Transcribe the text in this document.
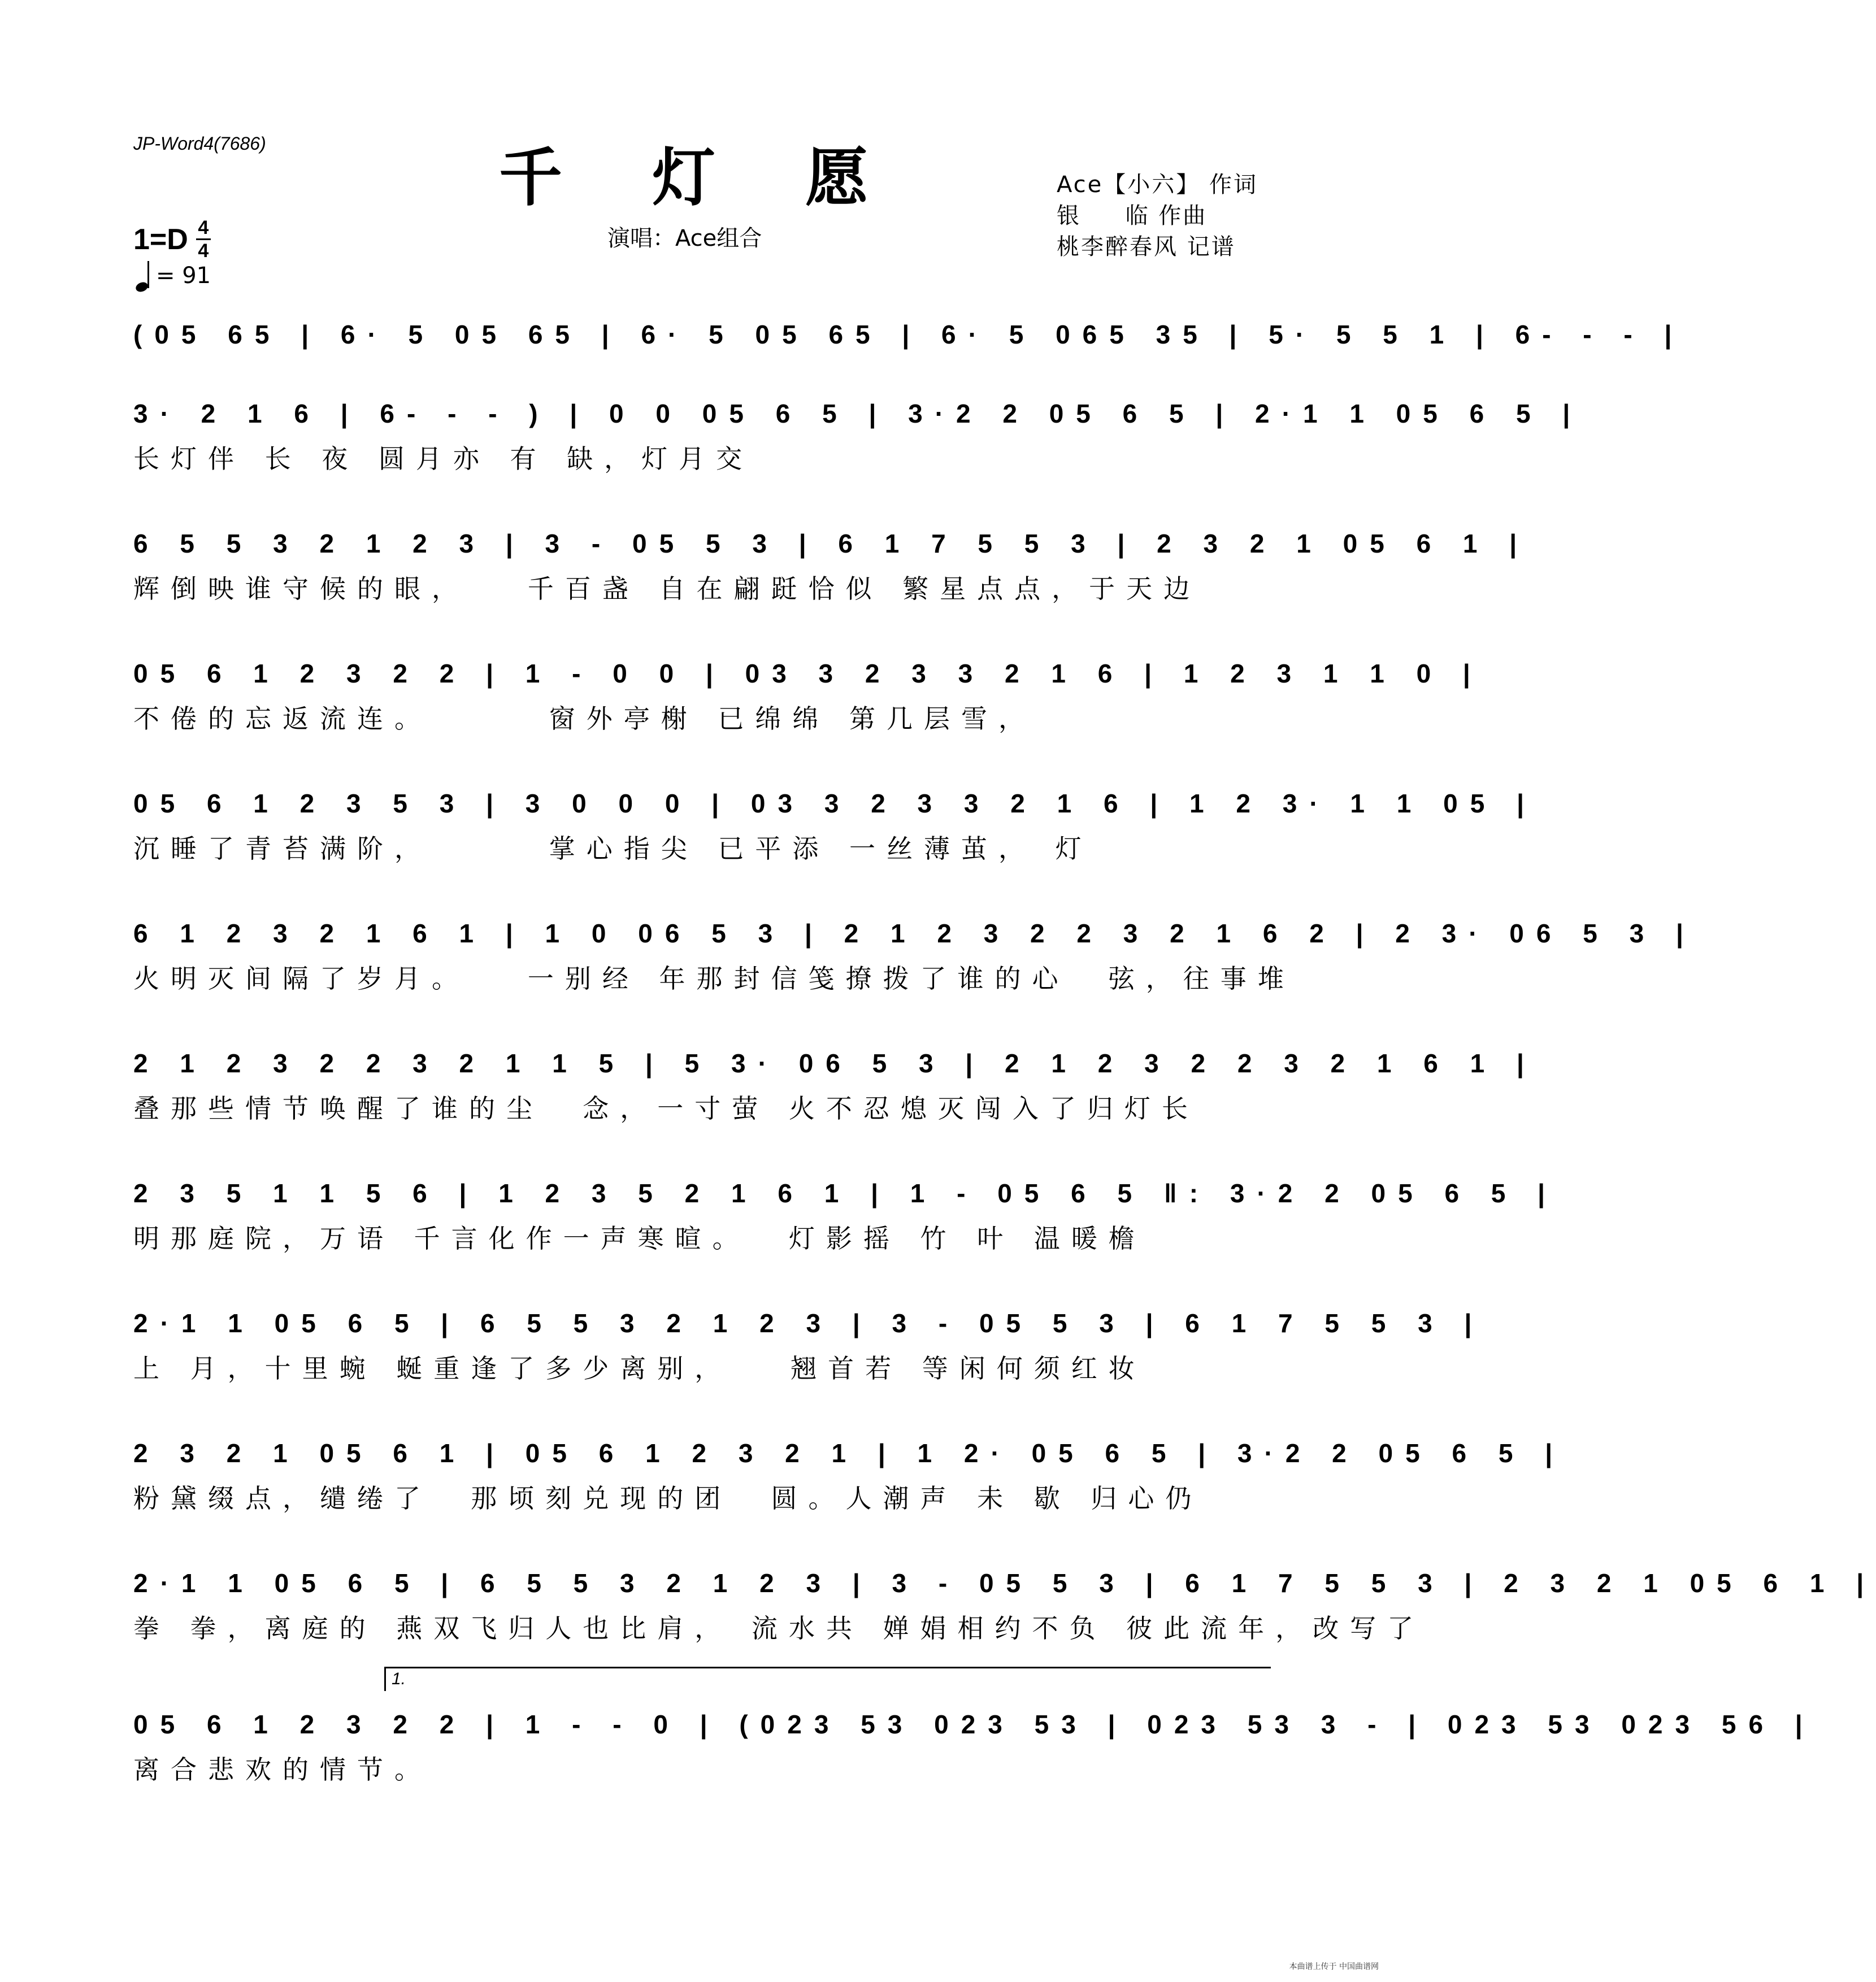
JP-Word4(7686)	千 灯 愿
演唱：Ace组合
Ace【小六】 作词
银     临 作曲
桃李醉春风 记谱
1=D 4
4
= 91
(05 65 | 6· 5 05 65 | 6· 5 05 65 | 6· 5 065 35 | 5· 5 5 1 | 6- - - |
3· 2 1 6 | 6- - - ) | 0 0 05 6 5 | 3·2 2 05 6 5 | 2·1 1 05 6 5 |
长灯伴 长 夜 圆月亦 有 缺，灯月交
6 5 5 3 2 1 2 3 | 3 - 05 5 3 | 6 1 7 5 5 3 | 2 3 2 1 05 6 1 |
辉倒映谁守候的眼，   千百盏 自在翩跹恰似 繁星点点，于天边
05 6 1 2 3 2 2 | 1 - 0 0 | 03 3 2 3 3 2 1 6 | 1 2 3 1 1 0 |
不倦的忘返流连。      窗外亭榭 已绵绵 第几层雪，
05 6 1 2 3 5 3 | 3 0 0 0 | 03 3 2 3 3 2 1 6 | 1 2 3· 1 1 05 |
沉睡了青苔满阶，      掌心指尖 已平添 一丝薄茧， 灯
6 1 2 3 2 1 6 1 | 1 0 06 5 3 | 2 1 2 3 2 2 3 2 1 6 2 | 2 3· 06 5 3 |
火明灭间隔了岁月。   一别经 年那封信笺撩拨了谁的心  弦，往事堆
2 1 2 3 2 2 3 2 1 1 5 | 5 3· 06 5 3 | 2 1 2 3 2 2 3 2 1 6 1 |
叠那些情节唤醒了谁的尘  念，一寸萤 火不忍熄灭闯入了归灯长
2 3 5 1 1 5 6 | 1 2 3 5 2 1 6 1 | 1 - 05 6 5 ‖: 3·2 2 05 6 5 |
明那庭院，万语 千言化作一声寒暄。  灯影摇 竹 叶 温暖檐
2·1 1 05 6 5 | 6 5 5 3 2 1 2 3 | 3 - 05 5 3 | 6 1 7 5 5 3 |
上 月，十里蜿 蜒重逢了多少离别，   翘首若 等闲何须红妆
2 3 2 1 05 6 1 | 05 6 1 2 3 2 1 | 1 2· 05 6 5 | 3·2 2 05 6 5 |
粉黛缀点，缱绻了  那顷刻兑现的团  圆。人潮声 未 歇 归心仍
2·1 1 05 6 5 | 6 5 5 3 2 1 2 3 | 3 - 05 5 3 | 6 1 7 5 5 3 | 2 3 2 1 05 6 1 |
拳 拳，离庭的 燕双飞归人也比肩， 流水共 婵娟相约不负 彼此流年，改写了
1.
05 6 1 2 3 2 2 | 1 - - 0 | (023 53 023 53 | 023 53 3 - | 023 53 023 56 |
离合悲欢的情节。
本曲谱上传于 中国曲谱网
